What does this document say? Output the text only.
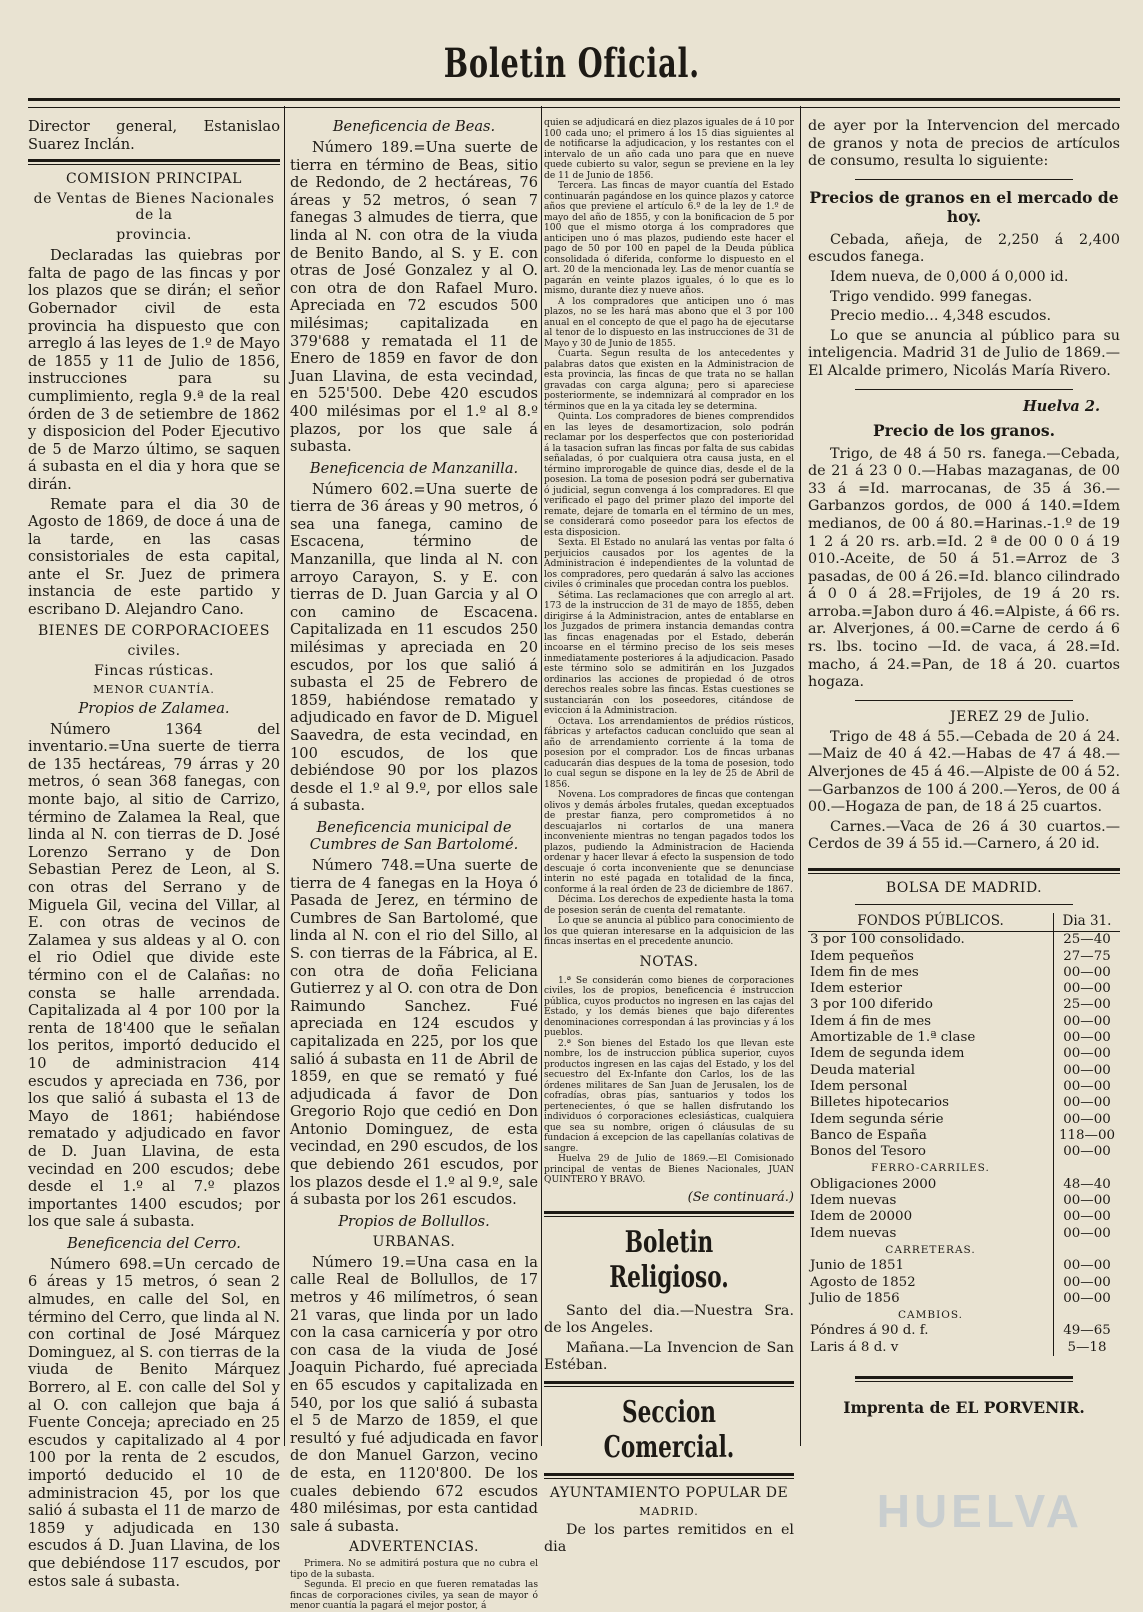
Boletin Oficial.

Director general, Estanislao Suarez Inclán.

COMISION PRINCIPAL
de Ventas de Bienes Nacionales de la
provincia.

Declaradas las quiebras por falta de pago de las fincas y por los plazos que se dirán; el señor Gobernador civil de esta provincia ha dispuesto que con arreglo á las leyes de 1.º de Mayo de 1855 y 11 de Julio de 1856, instrucciones para su cumplimiento, regla 9.ª de la real órden de 3 de setiembre de 1862 y disposicion del Poder Ejecutivo de 5 de Marzo último, se saquen á subasta en el dia y hora que se dirán.

Remate para el dia 30 de Agosto de 1869, de doce á una de la tarde, en las casas consistoriales de esta capital, ante el Sr. Juez de primera instancia de este partido y escribano D. Alejandro Cano.

BIENES DE CORPORACIOEES
civiles.
Fincas rústicas.
MENOR CUANTÍA.
Propios de Zalamea.

Número 1364 del inventario.=Una suerte de tierra de 135 hectáreas, 79 árras y 20 metros, ó sean 368 fanegas, con monte bajo, al sitio de Carrizo, término de Zalamea la Real, que linda al N. con tierras de D. José Lorenzo Serrano y de Don Sebastian Perez de Leon, al S. con otras del Serrano y de Miguela Gil, vecina del Villar, al E. con otras de vecinos de Zalamea y sus aldeas y al O. con el rio Odiel que divide este término con el de Calañas: no consta se halle arrendada. Capitalizada al 4 por 100 por la renta de 18'400 que le señalan los peritos, importó deducido el 10 de administracion 414 escudos y apreciada en 736, por los que salió á subasta el 13 de Mayo de 1861; habiéndose rematado y adjudicado en favor de D. Juan Llavina, de esta vecindad en 200 escudos; debe desde el 1.º al 7.º plazos importantes 1400 escudos; por los que sale á subasta.

Beneficencia del Cerro.

Número 698.=Un cercado de 6 áreas y 15 metros, ó sean 2 almudes, en calle del Sol, en término del Cerro, que linda al N. con cortinal de José Márquez Dominguez, al S. con tierras de la viuda de Benito Márquez Borrero, al E. con calle del Sol y al O. con callejon que baja á Fuente Conceja; apreciado en 25 escudos y capitalizado al 4 por 100 por la renta de 2 escudos, importó deducido el 10 de administracion 45, por los que salió á subasta el 11 de marzo de 1859 y adjudicada en 130 escudos á D. Juan Llavina, de los que debiéndose 117 escudos, por estos sale á subasta.

Beneficencia de Beas.

Número 189.=Una suerte de tierra en término de Beas, sitio de Redondo, de 2 hectáreas, 76 áreas y 52 metros, ó sean 7 fanegas 3 almudes de tierra, que linda al N. con otra de la viuda de Benito Bando, al S. y E. con otras de José Gonzalez y al O. con otra de don Rafael Muro. Apreciada en 72 escudos 500 milésimas; capitalizada en 379'688 y rematada el 11 de Enero de 1859 en favor de don Juan Llavina, de esta vecindad, en 525'500. Debe 420 escudos 400 milésimas por el 1.º al 8.º plazos, por los que sale á subasta.

Beneficencia de Manzanilla.

Número 602.=Una suerte de tierra de 36 áreas y 90 metros, ó sea una fanega, camino de Escacena, término de Manzanilla, que linda al N. con arroyo Carayon, S. y E. con tierras de D. Juan Garcia y al O con camino de Escacena. Capitalizada en 11 escudos 250 milésimas y apreciada en 20 escudos, por los que salió á subasta el 25 de Febrero de 1859, habiéndose rematado y adjudicado en favor de D. Miguel Saavedra, de esta vecindad, en 100 escudos, de los que debiéndose 90 por los plazos desde el 1.º al 9.º, por ellos sale á subasta.

Beneficencia municipal de Cumbres de San Bartolomé.

Número 748.=Una suerte de tierra de 4 fanegas en la Hoya ó Pasada de Jerez, en término de Cumbres de San Bartolomé, que linda al N. con el rio del Sillo, al S. con tierras de la Fábrica, al E. con otra de doña Feliciana Gutierrez y al O. con otra de Don Raimundo Sanchez. Fué apreciada en 124 escudos y capitalizada en 225, por los que salió á subasta en 11 de Abril de 1859, en que se remató y fué adjudicada á favor de Don Gregorio Rojo que cedió en Don Antonio Dominguez, de esta vecindad, en 290 escudos, de los que debiendo 261 escudos, por los plazos desde el 1.º al 9.º, sale á subasta por los 261 escudos.

Propios de Bollullos.
URBANAS.

Número 19.=Una casa en la calle Real de Bollullos, de 17 metros y 46 milímetros, ó sean 21 varas, que linda por un lado con la casa carnicería y por otro con casa de la viuda de José Joaquin Pichardo, fué apreciada en 65 escudos y capitalizada en 540, por los que salió á subasta el 5 de Marzo de 1859, el que resultó y fué adjudicada en favor de don Manuel Garzon, vecino de esta, en 1120'800. De los cuales debiendo 672 escudos 480 milésimas, por esta cantidad sale á subasta.

ADVERTENCIAS.

Primera. No se admitirá postura que no cubra el tipo de la subasta.

Segunda. El precio en que fueren rematadas las fincas de corporaciones civiles, ya sean de mayor ó menor cuantía la pagará el mejor postor, á

quien se adjudicará en diez plazos iguales de á 10 por 100 cada uno; el primero á los 15 dias siguientes al de notificarse la adjudicacion, y los restantes con el intervalo de un año cada uno para que en nueve quede cubierto su valor, segun se previene en la ley de 11 de Junio de 1856.

Tercera. Las fincas de mayor cuantía del Estado continuarán pagándose en los quince plazos y catorce años que previene el artículo 6.º de la ley de 1.º de mayo del año de 1855, y con la bonificacion de 5 por 100 que el mismo otorga á los compradores que anticipen uno ó mas plazos, pudiendo este hacer el pago de 50 por 100 en papel de la Deuda pública consolidada ó diferida, conforme lo dispuesto en el art. 20 de la mencionada ley. Las de menor cuantía se pagarán en veinte plazos iguales, ó lo que es lo mismo, durante diez y nueve años.

A los compradores que anticipen uno ó mas plazos, no se les hará mas abono que el 3 por 100 anual en el concepto de que el pago ha de ejecutarse al tenor de lo dispuesto en las instrucciones de 31 de Mayo y 30 de Junio de 1855.

Cuarta. Segun resulta de los antecedentes y palabras datos que existen en la Administracion de esta provincia, las fincas de que trata no se hallan gravadas con carga alguna; pero si apareciese posteriormente, se indemnizará al comprador en los términos que en la ya citada ley se determina.

Quinta. Los compradores de bienes comprendidos en las leyes de desamortizacion, solo podrán reclamar por los desperfectos que con posterioridad á la tasacion sufran las fincas por falta de sus cabidas señaladas, ó por cualquiera otra causa justa, en el término improrogable de quince dias, desde el de la posesion. La toma de posesion podrá ser gubernativa ó judicial, segun convenga á los compradores. El que verificado el pago del primer plazo del importe del remate, dejare de tomarla en el término de un mes, se considerará como poseedor para los efectos de esta disposicion.

Sexta. El Estado no anulará las ventas por falta ó perjuicios causados por los agentes de la Administracion é independientes de la voluntad de los compradores, pero quedarán á salvo las acciones civiles ó criminales que procedan contra los pueblos.

Sétima. Las reclamaciones que con arreglo al art. 173 de la instruccion de 31 de mayo de 1855, deben dirigirse á la Administracion, antes de entablarse en los Juzgados de primera instancia demandas contra las fincas enagenadas por el Estado, deberán incoarse en el término preciso de los seis meses inmediatamente posteriores á la adjudicacion. Pasado este término solo se admitirán en los Juzgados ordinarios las acciones de propiedad ó de otros derechos reales sobre las fincas. Estas cuestiones se sustanciarán con los poseedores, citándose de eviccion á la Administracion.

Octava. Los arrendamientos de prédios rústicos, fábricas y artefactos caducan concluido que sean al año de arrendamiento corriente á la toma de posesion por el comprador. Los de fincas urbanas caducarán dias despues de la toma de posesion, todo lo cual segun se dispone en la ley de 25 de Abril de 1856.

Novena. Los compradores de fincas que contengan olivos y demás árboles frutales, quedan exceptuados de prestar fianza, pero comprometidos á no descuajarlos ni cortarlos de una manera inconveniente mientras no tengan pagados todos los plazos, pudiendo la Administracion de Hacienda ordenar y hacer llevar á efecto la suspension de todo descuaje ó corta inconveniente que se denunciase interin no esté pagada en totalidad de la finca, conforme á la real órden de 23 de diciembre de 1867.

Décima. Los derechos de expediente hasta la toma de posesion serán de cuenta del rematante.

Lo que se anuncia al público para conocimiento de los que quieran interesarse en la adquisicion de las fincas insertas en el precedente anuncio.

NOTAS.

1.ª Se considerán como bienes de corporaciones civiles, los de propios, beneficencia é instruccion pública, cuyos productos no ingresen en las cajas del Estado, y los demás bienes que bajo diferentes denominaciones correspondan á las provincias y á los pueblos.

2.ª Son bienes del Estado los que llevan este nombre, los de instruccion pública superior, cuyos productos ingresen en las cajas del Estado, y los del secuestro del Ex-Infante don Carlos, los de las órdenes militares de San Juan de Jerusalen, los de cofradías, obras pías, santuarios y todos los pertenecientes, ó que se hallen disfrutando los individuos ó corporaciones eclesiásticas, cualquiera que sea su nombre, origen ó cláusulas de su fundacion á excepcion de las capellanías colativas de sangre.

Huelva 29 de Julio de 1869.—El Comisionado principal de ventas de Bienes Nacionales, JUAN QUINTERO Y BRAVO.

(Se continuará.)
Boletin Religioso.

Santo del dia.—Nuestra Sra. de los Angeles.

Mañana.—La Invencion de San Estéban.

Seccion Comercial.
AYUNTAMIENTO POPULAR DE
MADRID.

De los partes remitidos en el dia

de ayer por la Intervencion del mercado de granos y nota de precios de artículos de consumo, resulta lo siguiente:

Precios de granos en el mercado de hoy.

Cebada, añeja, de 2,250 á 2,400 escudos fanega.

Idem nueva, de 0,000 á 0,000 id.

Trigo vendido. 999 fanegas.

Precio medio... 4,348 escudos.

Lo que se anuncia al público para su inteligencia. Madrid 31 de Julio de 1869.—El Alcalde primero, Nicolás María Rivero.

Huelva 2.
Precio de los granos.

Trigo, de 48 á 50 rs. fanega.—Cebada, de 21 á 23 0 0.—Habas mazaganas, de 00 33 á =Id. marrocanas, de 35 á 36.—Garbanzos gordos, de 000 á 140.=Idem medianos, de 00 á 80.=Harinas.-1.º de 19 1 2 á 20 rs. arb.=Id. 2 ª de 00 0 0 á 19 010.-Aceite, de 50 á 51.=Arroz de 3 pasadas, de 00 á 26.=Id. blanco cilindrado á 0 0 á 28.=Frijoles, de 19 á 20 rs. arroba.=Jabon duro á 46.=Alpiste, á 66 rs. ar. Alverjones, á 00.=Carne de cerdo á 6 rs. lbs. tocino —Id. de vaca, á 28.=Id. macho, á 24.=Pan, de 18 á 20. cuartos hogaza.

JEREZ 29 de Julio.

Trigo de 48 á 55.—Cebada de 20 á 24.—Maiz de 40 á 42.—Habas de 47 á 48.—Alverjones de 45 á 46.—Alpiste de 00 á 52.—Garbanzos de 100 á 200.—Yeros, de 00 á 00.—Hogaza de pan, de 18 á 25 cuartos.

Carnes.—Vaca de 26 á 30 cuartos.—Cerdos de 39 á 55 id.—Carnero, á 20 id.

BOLSA DE MADRID.
FONDOS PÚBLICOS.	Dia 31.
3 por 100 consolidado.	25—40
Idem pequeños	27—75
Idem fin de mes	00—00
Idem esterior	00—00
3 por 100 diferido	25—00
Idem á fin de mes	00—00
Amortizable de 1.ª clase	00—00
Idem de segunda idem	00—00
Deuda material	00—00
Idem personal	00—00
Billetes hipotecarios	00—00
Idem segunda série	00—00
Banco de España	118—00
Bonos del Tesoro	00—00
FERRO-CARRILES.	
Obligaciones 2000	48—40
Idem nuevas	00—00
Idem de 20000	00—00
Idem nuevas	00—00
CARRETERAS.	
Junio de 1851	00—00
Agosto de 1852	00—00
Julio de 1856	00—00
CAMBIOS.	
Póndres á 90 d. f.	49—65
Laris á 8 d. v	5—18
Imprenta de EL PORVENIR.
HUELVA
